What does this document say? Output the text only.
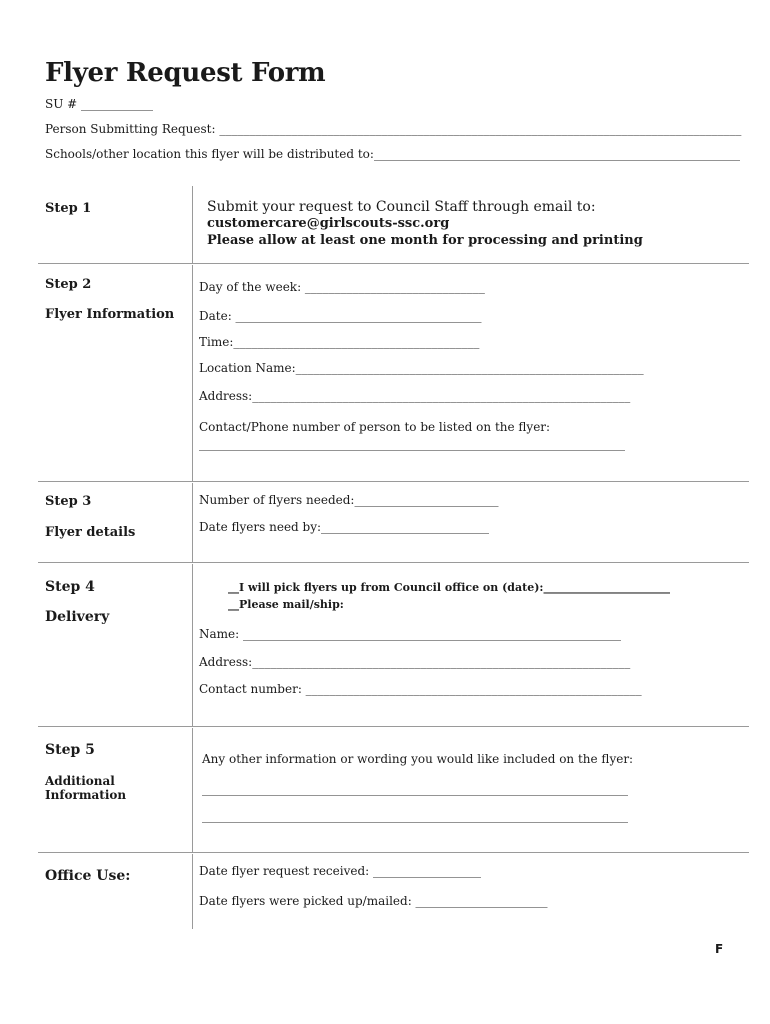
Flyer Request Form
SU # ____________
Person Submitting Request: _______________________________________________________________________________________
Schools/other location this flyer will be distributed to:_____________________________________________________________
Step 1	Submit your request to Council Staff through email to:
customercare@girlscouts-ssc.org
Please allow at least one month for processing and printing
Step 2
Flyer Information
Day of the week: ______________________________
Date: _________________________________________
Time:_________________________________________
Location Name:__________________________________________________________
Address:_______________________________________________________________
Contact/Phone number of person to be listed on the flyer:
_______________________________________________________________________
Step 3
Flyer details
Number of flyers needed:________________________
Date flyers need by:____________________________
Step 4
Delivery
__I will pick flyers up from Council office on (date):_______________________
__Please mail/ship:
Name: _______________________________________________________________
Address:_______________________________________________________________
Contact number: ________________________________________________________
Step 5
Additional
Information
Any other information or wording you would like included on the flyer:
_______________________________________________________________________
_______________________________________________________________________
Office Use:	Date flyer request received: __________________
Date flyers were picked up/mailed: ______________________
F
